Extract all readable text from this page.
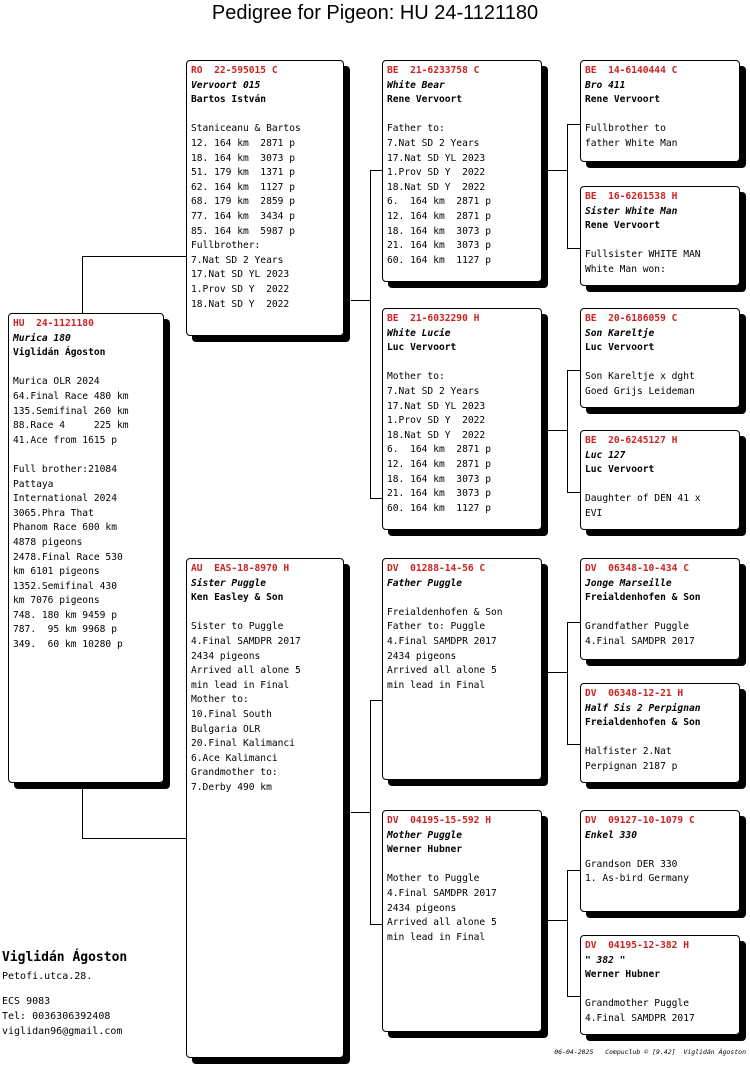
Pedigree for Pigeon: HU 24-1121180
HU  24-1121180
Murica 180
Viglidán Ágoston
Murica OLR 2024
64.Final Race 480 km
135.Semifinal 260 km
88.Race 4     225 km
41.Ace from 1615 p

Full brother:21084
Pattaya
International 2024
3065.Phra That
Phanom Race 600 km
4878 pigeons
2478.Final Race 530
km 6101 pigeons
1352.Semifinal 430
km 7076 pigeons
748. 180 km 9459 p
787.  95 km 9968 p
349.  60 km 10280 p
RO  22-595015 C
Vervoort 015
Bartos István
Staniceanu & Bartos
12. 164 km  2871 p
18. 164 km  3073 p
51. 179 km  1371 p
62. 164 km  1127 p
68. 179 km  2859 p
77. 164 km  3434 p
85. 164 km  5987 p
Fullbrother:
7.Nat SD 2 Years
17.Nat SD YL 2023
1.Prov SD Y  2022
18.Nat SD Y  2022
AU  EAS-18-8970 H
Sister Puggle
Ken Easley & Son
Sister to Puggle
4.Final SAMDPR 2017
2434 pigeons
Arrived all alone 5
min lead in Final
Mother to:
10.Final South
Bulgaria OLR
20.Final Kalimanci
6.Ace Kalimanci
Grandmother to:
7.Derby 490 km
BE  21-6233758 C
White Bear
Rene Vervoort
Father to:
7.Nat SD 2 Years
17.Nat SD YL 2023
1.Prov SD Y  2022
18.Nat SD Y  2022
6.  164 km  2871 p
12. 164 km  2871 p
18. 164 km  3073 p
21. 164 km  3073 p
60. 164 km  1127 p
BE  21-6032290 H
White Lucie
Luc Vervoort
Mother to:
7.Nat SD 2 Years
17.Nat SD YL 2023
1.Prov SD Y  2022
18.Nat SD Y  2022
6.  164 km  2871 p
12. 164 km  2871 p
18. 164 km  3073 p
21. 164 km  3073 p
60. 164 km  1127 p
DV  01288-14-56 C
Father Puggle
Freialdenhofen & Son
Father to: Puggle
4.Final SAMDPR 2017
2434 pigeons
Arrived all alone 5
min lead in Final
DV  04195-15-592 H
Mother Puggle
Werner Hubner
Mother to Puggle
4.Final SAMDPR 2017
2434 pigeons
Arrived all alone 5
min lead in Final
BE  14-6140444 C
Bro 411
Rene Vervoort
Fullbrother to
father White Man
BE  16-6261538 H
Sister White Man
Rene Vervoort
Fullsister WHITE MAN
White Man won:
BE  20-6186059 C
Son Kareltje
Luc Vervoort
Son Kareltje x dght
Goed Grijs Leideman
BE  20-6245127 H
Luc 127
Luc Vervoort
Daughter of DEN 41 x
EVI
DV  06348-10-434 C
Jonge Marseille
Freialdenhofen & Son
Grandfather Puggle
4.Final SAMDPR 2017
DV  06348-12-21 H
Half Sis 2 Perpignan
Freialdenhofen & Son
Halfister 2.Nat
Perpignan 2187 p
DV  09127-10-1079 C
Enkel 330
Grandson DER 330
1. As-bird Germany
DV  04195-12-382 H
" 382 "
Werner Hubner
Grandmother Puggle
4.Final SAMDPR 2017
Viglidán Ágoston
Petofi.utca.28.
ECS 9083
Tel: 0036306392408
viglidan96@gmail.com
06-04-2025   Compuclub © [9.42]  Viglidán Ágoston
